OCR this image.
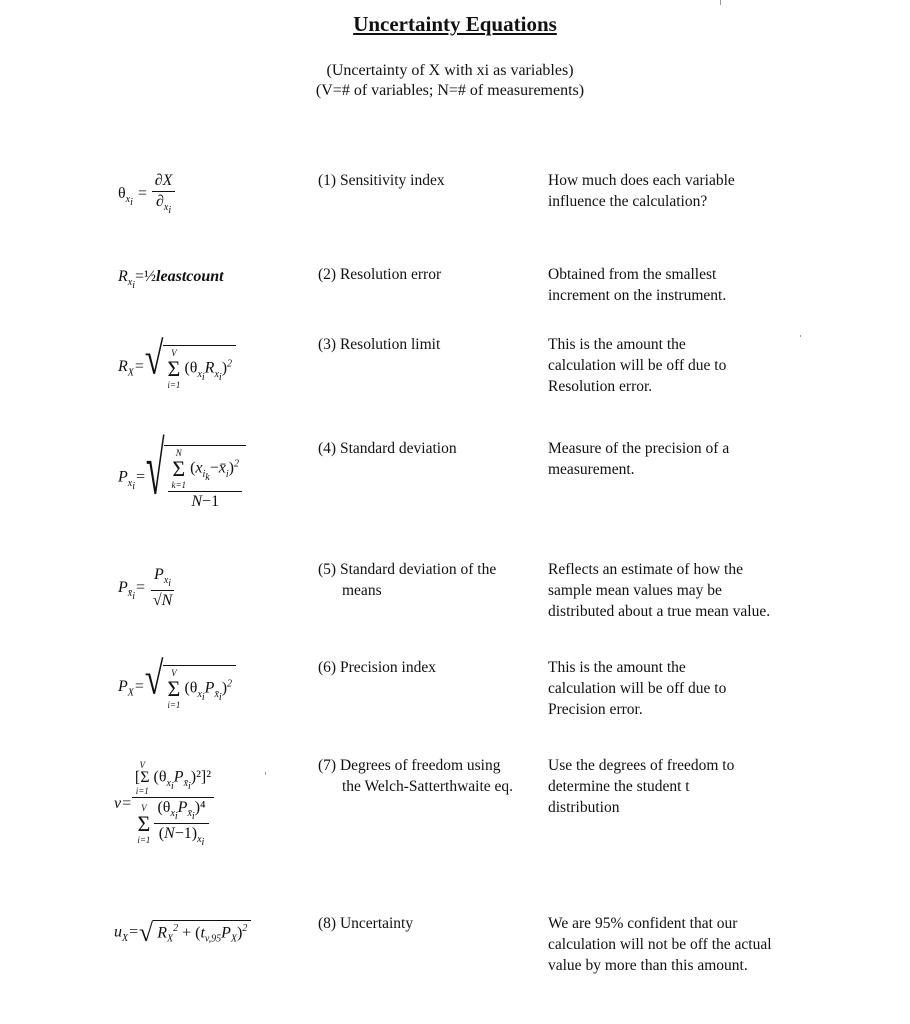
Uncertainty Equations
(Uncertainty of X with xi as variables)
(V=# of variables; N=# of measurements)
$\theta_{x_i} = \frac{\partial X}{\partial_{x_i}}$
$R_{x_i}=\frac{1}{2}leastcount$
$R_X=$ √ V
Σ
i=1
$(\theta_{x_i}R_{x_i})^2$
$P_{x_i}=$ √ N
Σ
k=1
$(x_{i_k}-x̄_i)^2$
N−1
$P_{x̄_i}= \frac{P_{x_i}}{√N}$
$P_X=$ √ V
Σ
i=1
$(\theta_{x_i}P_{x̄_i})^2$
v= V
[Σ
i=1
$(\theta_{x_i}P_{x̄_i})^2]^2$
V
Σ
i=1
$\frac{(\theta_{x_i}P_{x̄_i})^4}{(N-1)_{x_i}}$
$u_X=$ √ $R_X^2 + (t_{v,95}P_X)^2$
(1) Sensitivity index
(2) Resolution error
(3) Resolution limit
(4) Standard deviation
(5) Standard deviation of the
means
(6) Precision index
(7) Degrees of freedom using
the Welch-Satterthwaite eq.
(8) Uncertainty
How much does each variable influence the calculation?
Obtained from the smallest increment on the instrument.
This is the amount the calculation will be off due to Resolution error.
Measure of the precision of a measurement.
Reflects an estimate of how the sample mean values may be distributed about a true mean value.
This is the amount the calculation will be off due to Precision error.
Use the degrees of freedom to determine the student t distribution
We are 95% confident that our calculation will not be off the actual value by more than this amount.
